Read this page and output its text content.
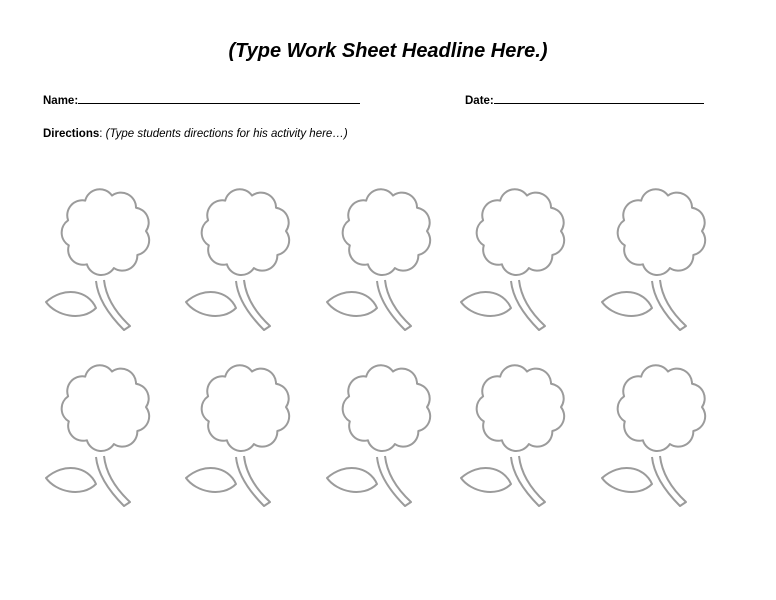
(Type Work Sheet Headline Here.)
Name:	Date:
Directions: (Type students directions for his activity here…)
